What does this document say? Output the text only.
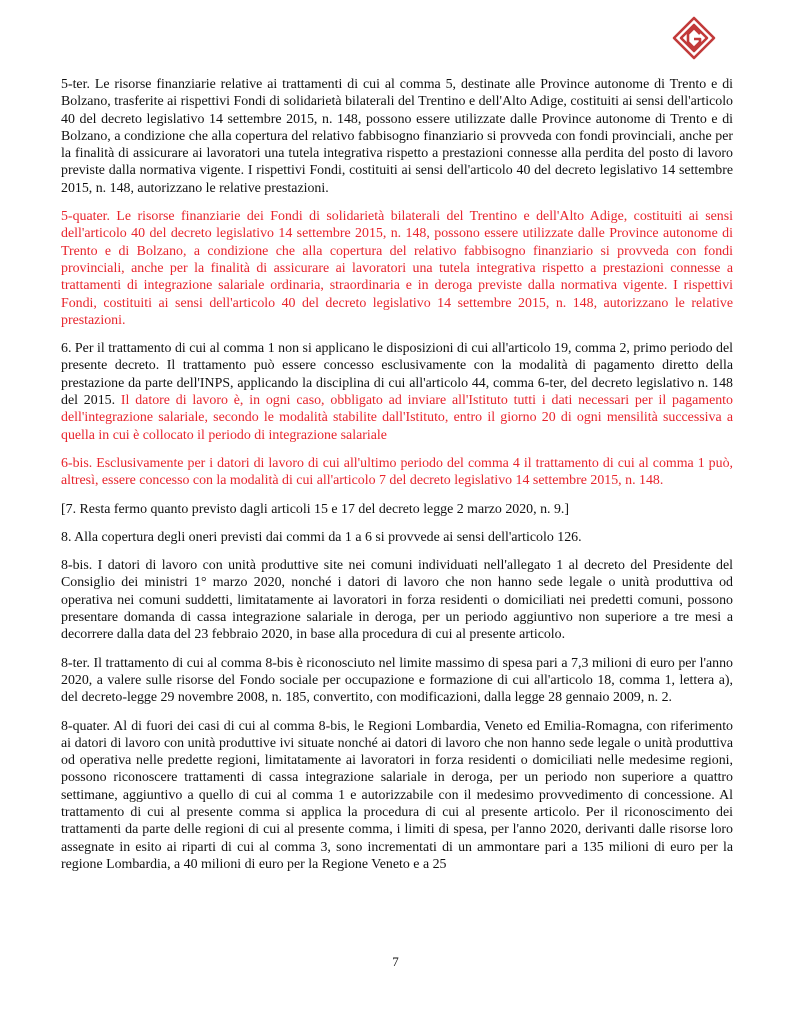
5-ter. Le risorse finanziarie relative ai trattamenti di cui al comma 5, destinate alle Province autonome di Trento e di Bolzano, trasferite ai rispettivi Fondi di solidarietà bilaterali del Trentino e dell'Alto Adige, costituiti ai sensi dell'articolo 40 del decreto legislativo 14 settembre 2015, n. 148, possono essere utilizzate dalle Province autonome di Trento e di Bolzano, a condizione che alla copertura del relativo fabbisogno finanziario si provveda con fondi provinciali, anche per la finalità di assicurare ai lavoratori una tutela integrativa rispetto a prestazioni connesse alla perdita del posto di lavoro previste dalla normativa vigente. I rispettivi Fondi, costituiti ai sensi dell'articolo 40 del decreto legislativo 14 settembre 2015, n. 148, autorizzano le relative prestazioni.

5-quater. Le risorse finanziarie dei Fondi di solidarietà bilaterali del Trentino e dell'Alto Adige, costituiti ai sensi dell'articolo 40 del decreto legislativo 14 settembre 2015, n. 148, possono essere utilizzate dalle Province autonome di Trento e di Bolzano, a condizione che alla copertura del relativo fabbisogno finanziario si provveda con fondi provinciali, anche per la finalità di assicurare ai lavoratori una tutela integrativa rispetto a prestazioni connesse a trattamenti di integrazione salariale ordinaria, straordinaria e in deroga previste dalla normativa vigente. I rispettivi Fondi, costituiti ai sensi dell'articolo 40 del decreto legislativo 14 settembre 2015, n. 148, autorizzano le relative prestazioni.

6. Per il trattamento di cui al comma 1 non si applicano le disposizioni di cui all'articolo 19, comma 2, primo periodo del presente decreto. Il trattamento può essere concesso esclusivamente con la modalità di pagamento diretto della prestazione da parte dell'INPS, applicando la disciplina di cui all'articolo 44, comma 6-ter, del decreto legislativo n. 148 del 2015. Il datore di lavoro è, in ogni caso, obbligato ad inviare all'Istituto tutti i dati necessari per il pagamento dell'integrazione salariale, secondo le modalità stabilite dall'Istituto, entro il giorno 20 di ogni mensilità successiva a quella in cui è collocato il periodo di integrazione salariale

6-bis. Esclusivamente per i datori di lavoro di cui all'ultimo periodo del comma 4 il trattamento di cui al comma 1 può, altresì, essere concesso con la modalità di cui all'articolo 7 del decreto legislativo 14 settembre 2015, n. 148.

[7. Resta fermo quanto previsto dagli articoli 15 e 17 del decreto legge 2 marzo 2020, n. 9.]

8. Alla copertura degli oneri previsti dai commi da 1 a 6 si provvede ai sensi dell'articolo 126.

8-bis. I datori di lavoro con unità produttive site nei comuni individuati nell'allegato 1 al decreto del Presidente del Consiglio dei ministri 1° marzo 2020, nonché i datori di lavoro che non hanno sede legale o unità produttiva od operativa nei comuni suddetti, limitatamente ai lavoratori in forza residenti o domiciliati nei predetti comuni, possono presentare domanda di cassa integrazione salariale in deroga, per un periodo aggiuntivo non superiore a tre mesi a decorrere dalla data del 23 febbraio 2020, in base alla procedura di cui al presente articolo.

8-ter. Il trattamento di cui al comma 8-bis è riconosciuto nel limite massimo di spesa pari a 7,3 milioni di euro per l'anno 2020, a valere sulle risorse del Fondo sociale per occupazione e formazione di cui all'articolo 18, comma 1, lettera a), del decreto-legge 29 novembre 2008, n. 185, convertito, con modificazioni, dalla legge 28 gennaio 2009, n. 2.

8-quater. Al di fuori dei casi di cui al comma 8-bis, le Regioni Lombardia, Veneto ed Emilia-Romagna, con riferimento ai datori di lavoro con unità produttive ivi situate nonché ai datori di lavoro che non hanno sede legale o unità produttiva od operativa nelle predette regioni, limitatamente ai lavoratori in forza residenti o domiciliati nelle medesime regioni, possono riconoscere trattamenti di cassa integrazione salariale in deroga, per un periodo non superiore a quattro settimane, aggiuntivo a quello di cui al comma 1 e autorizzabile con il medesimo provvedimento di concessione. Al trattamento di cui al presente comma si applica la procedura di cui al presente articolo. Per il riconoscimento dei trattamenti da parte delle regioni di cui al presente comma, i limiti di spesa, per l'anno 2020, derivanti dalle risorse loro assegnate in esito ai riparti di cui al comma 3, sono incrementati di un ammontare pari a 135 milioni di euro per la regione Lombardia, a 40 milioni di euro per la Regione Veneto e a 25

7
